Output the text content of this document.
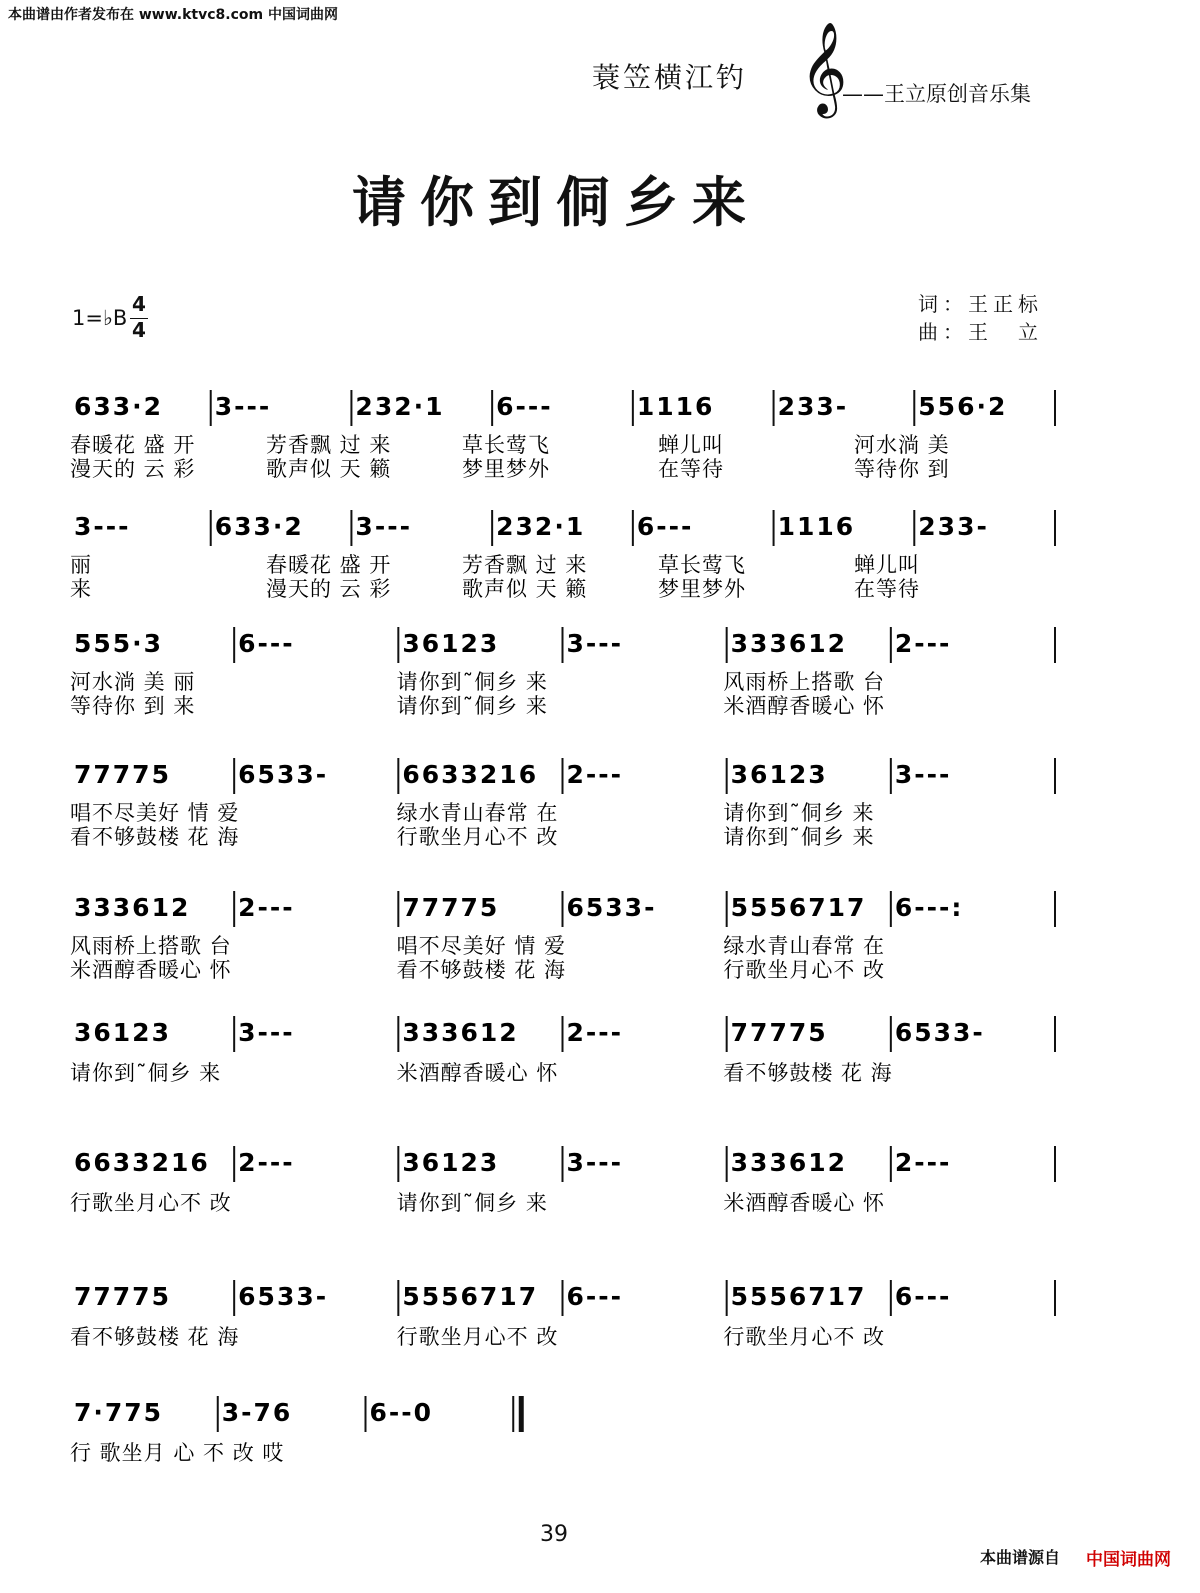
本曲谱由作者发布在 www.ktvc8.com 中国词曲网
蓑笠横江钓 𝄞
——王立原创音乐集
请你到侗乡来
1=♭B
4
4
词：王正标
曲：王　立
633·2 3---	232·1 6---	1116	233-	556·2
春暖花 盛 开	芳香飘 过 来	草长莺飞	蝉儿叫	河水淌 美
漫天的 云 彩	歌声似 天 籁	梦里梦外	在等待	等待你 到
3---	633·2 3---	232·1 6---	1116	233-
丽	春暖花 盛 开	芳香飘 过 来	草长莺飞	蝉儿叫
来	漫天的 云 彩	歌声似 天 籁	梦里梦外	在等待
555·3	6---	36123	3---	333612 2---
河水淌 美 丽	请你到˜侗乡 来	风雨桥上搭歌 台
等待你 到 来	请你到˜侗乡 来	米酒醇香暖心 怀
77775	6533-	6633216 2---	36123	3---
唱不尽美好 情 爱	绿水青山春常 在	请你到˜侗乡 来
看不够鼓楼 花 海	行歌坐月心不 改	请你到˜侗乡 来
333612 2---	77775	6533-	5556717 6---:
风雨桥上搭歌 台	唱不尽美好 情 爱	绿水青山春常 在
米酒醇香暖心 怀	看不够鼓楼 花 海	行歌坐月心不 改
36123	3---	333612 2---	77775	6533-
请你到˜侗乡 来	米酒醇香暖心 怀	看不够鼓楼 花 海
6633216 2---	36123	3---	333612 2---
行歌坐月心不 改	请你到˜侗乡 来	米酒醇香暖心 怀
77775	6533-	5556717 6---	5556717 6---
看不够鼓楼 花 海	行歌坐月心不 改	行歌坐月心不 改
7·775 3-76	6--0
行 歌坐月 心 不 改 哎
39
本曲谱源自 中国词曲网
